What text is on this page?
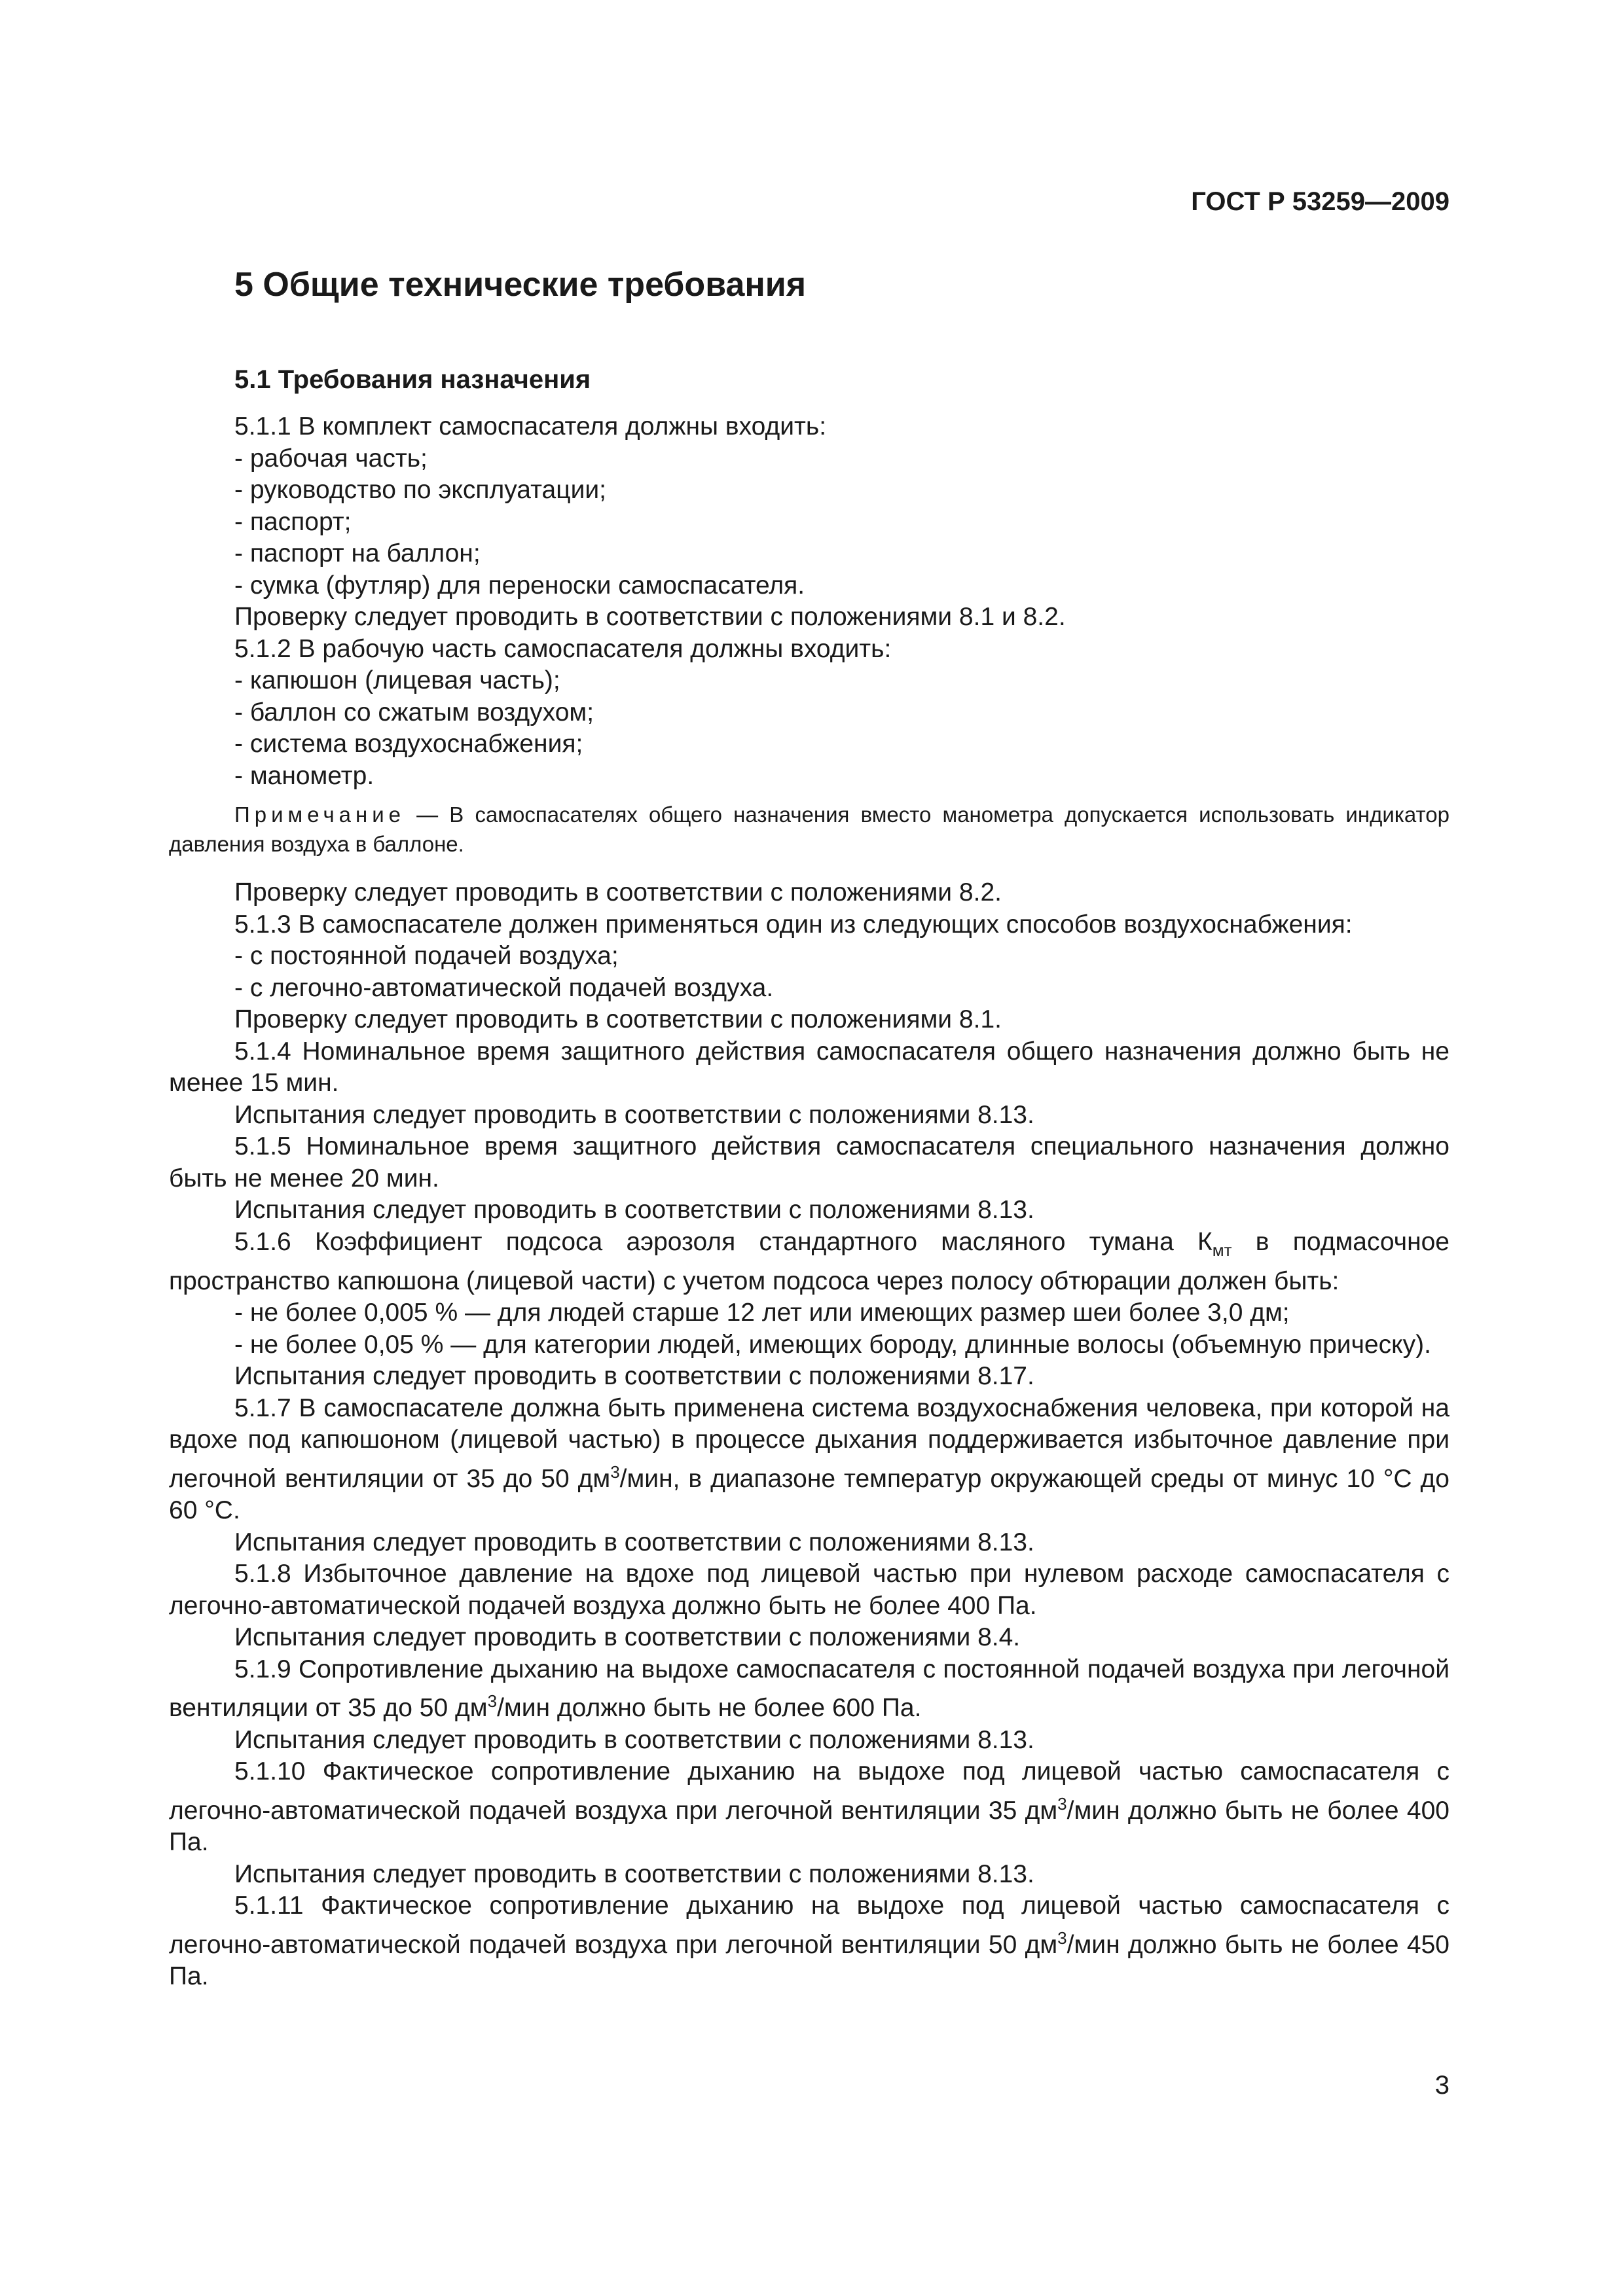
ГОСТ Р 53259—2009
5 Общие технические требования
5.1 Требования назначения

5.1.1 В комплект самоспасателя должны входить:

- рабочая часть;

- руководство по эксплуатации;

- паспорт;

- паспорт на баллон;

- сумка (футляр) для переноски самоспасателя.

Проверку следует проводить в соответствии с положениями 8.1 и 8.2.

5.1.2 В рабочую часть самоспасателя должны входить:

- капюшон (лицевая часть);

- баллон со сжатым воздухом;

- система воздухоснабжения;

- манометр.

Примечание — В самоспасателях общего назначения вместо манометра допускается использовать индикатор давления воздуха в баллоне.

Проверку следует проводить в соответствии с положениями 8.2.

5.1.3 В самоспасателе должен применяться один из следующих способов воздухоснабжения:

- с постоянной подачей воздуха;

- с легочно-автоматической подачей воздуха.

Проверку следует проводить в соответствии с положениями 8.1.

5.1.4 Номинальное время защитного действия самоспасателя общего назначения должно быть не менее 15 мин.

Испытания следует проводить в соответствии с положениями 8.13.

5.1.5 Номинальное время защитного действия самоспасателя специального назначения должно быть не менее 20 мин.

Испытания следует проводить в соответствии с положениями 8.13.

5.1.6 Коэффициент подсоса аэрозоля стандартного масляного тумана $К_{мт}$ в подмасочное пространство капюшона (лицевой части) с учетом подсоса через полосу обтюрации должен быть:

- не более 0,005 % — для людей старше 12 лет или имеющих размер шеи более 3,0 дм;

- не более 0,05 % — для категории людей, имеющих бороду, длинные волосы (объемную прическу).

Испытания следует проводить в соответствии с положениями 8.17.

5.1.7 В самоспасателе должна быть применена система воздухоснабжения человека, при которой на вдохе под капюшоном (лицевой частью) в процессе дыхания поддерживается избыточное давление при легочной вентиляции от 35 до 50 $дм^3$/мин, в диапазоне температур окружающей среды от минус 10 °С до 60 °С.

Испытания следует проводить в соответствии с положениями 8.13.

5.1.8 Избыточное давление на вдохе под лицевой частью при нулевом расходе самоспасателя с легочно-автоматической подачей воздуха должно быть не более 400 Па.

Испытания следует проводить в соответствии с положениями 8.4.

5.1.9 Сопротивление дыханию на выдохе самоспасателя с постоянной подачей воздуха при легочной вентиляции от 35 до 50 $дм^3$/мин должно быть не более 600 Па.

Испытания следует проводить в соответствии с положениями 8.13.

5.1.10 Фактическое сопротивление дыханию на выдохе под лицевой частью самоспасателя с легочно-автоматической подачей воздуха при легочной вентиляции 35 $дм^3$/мин должно быть не более 400 Па.

Испытания следует проводить в соответствии с положениями 8.13.

5.1.11 Фактическое сопротивление дыханию на выдохе под лицевой частью самоспасателя с легочно-автоматической подачей воздуха при легочной вентиляции 50 $дм^3$/мин должно быть не более 450 Па.

3
